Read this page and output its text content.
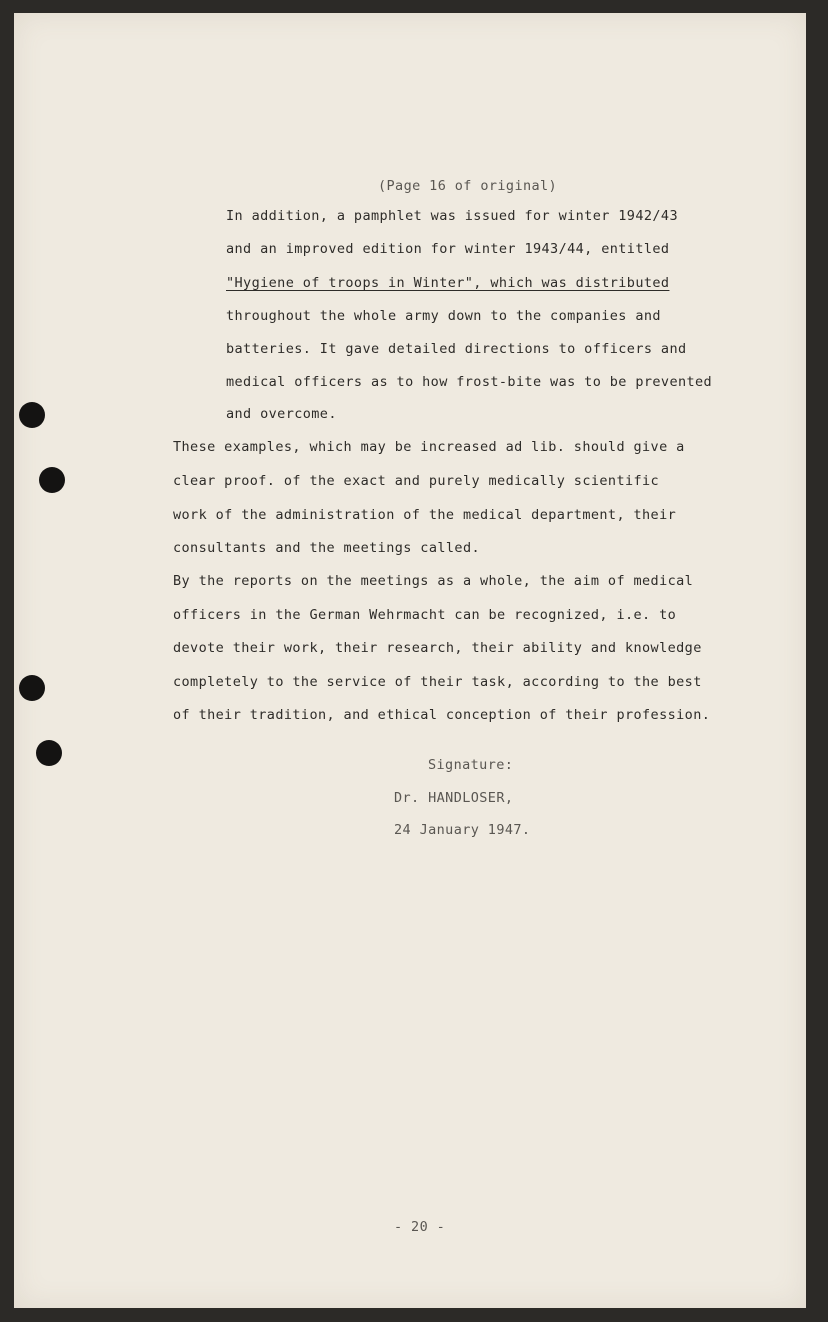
(Page 16 of original)
In addition, a pamphlet was issued for winter 1942/43
and an improved edition for winter 1943/44, entitled
"Hygiene of troops in Winter", which was distributed
throughout the whole army down to the companies and
batteries. It gave detailed directions to officers and
medical officers as to how frost-bite was to be prevented
and overcome.
These examples, which may be increased ad lib. should give a
clear proof. of the exact and purely medically scientific
work of the administration of the medical department, their
consultants and the meetings called.
By the reports on the meetings as a whole, the aim of medical
officers in the German Wehrmacht can be recognized, i.e. to
devote their work, their research, their ability and knowledge
completely to the service of their task, according to the best
of their tradition, and ethical conception of their profession.
Signature:
Dr. HANDLOSER,
24 January 1947.
- 20 -
